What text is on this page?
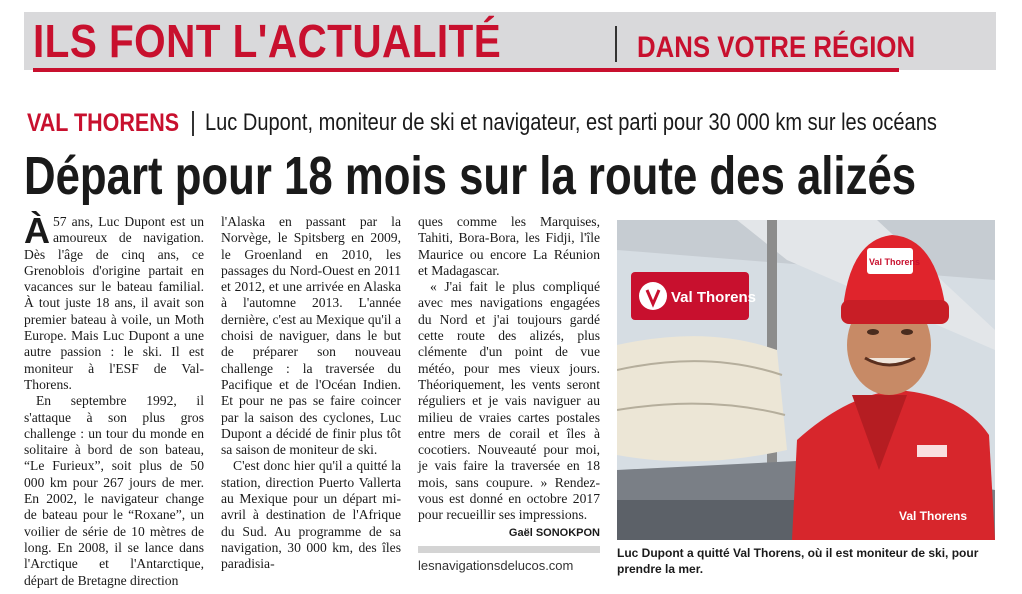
ILS FONT L'ACTUALITÉ	DANS VOTRE RÉGION
VAL THORENS Luc Dupont, moniteur de ski et navigateur, est parti pour 30 000 km sur les océans
Départ pour 18 mois sur la route des alizés

À 57 ans, Luc Dupont est un amoureux de navigation. Dès l'âge de cinq ans, ce Grenoblois d'origine partait en vacances sur le bateau familial. À tout juste 18 ans, il avait son premier bateau à voile, un Moth Europe. Mais Luc Dupont a une autre passion : le ski. Il est moniteur à l'ESF de Val-Thorens.

En septembre 1992, il s'attaque à son plus gros challenge : un tour du monde en solitaire à bord de son bateau, “Le Furieux”, soit plus de 50 000 km pour 267 jours de mer. En 2002, le navigateur change de bateau pour le “Roxane”, un voilier de série de 10 mètres de long. En 2008, il se lance dans l'Arctique et l'Antarctique, départ de Bretagne direction

l'Alaska en passant par la Norvège, le Spitsberg en 2009, le Groenland en 2010, les passages du Nord-Ouest en 2011 et 2012, et une arrivée en Alaska à l'automne 2013. L'année dernière, c'est au Mexique qu'il a choisi de naviguer, dans le but de préparer son nouveau challenge : la traversée du Pacifique et de l'Océan Indien. Et pour ne pas se faire coincer par la saison des cyclones, Luc Dupont a décidé de finir plus tôt sa saison de moniteur de ski.

C'est donc hier qu'il a quitté la station, direction Puerto Vallerta au Mexique pour un départ mi-avril à destination de l'Afrique du Sud. Au programme de sa navigation, 30 000 km, des îles paradisia-

ques comme les Marquises, Tahiti, Bora-Bora, les Fidji, l'île Maurice ou encore La Réunion et Madagascar.

« J'ai fait le plus compliqué avec mes navigations engagées du Nord et j'ai toujours gardé cette route des alizés, plus clémente d'un point de vue météo, pour mes vieux jours. Théoriquement, les vents seront réguliers et je vais naviguer au milieu de vraies cartes postales entre mers de corail et îles à cocotiers. Nouveauté pour moi, je vais faire la traversée en 18 mois, sans coupure. » Rendez-vous est donné en octobre 2017 pour recueillir ses impressions.

Gaël SONOKPON
lesnavigationsdelucos.com
Val Thorens
Val Thorens
Val Thorens
Luc Dupont a quitté Val Thorens, où il est moniteur de ski, pour prendre la mer.
